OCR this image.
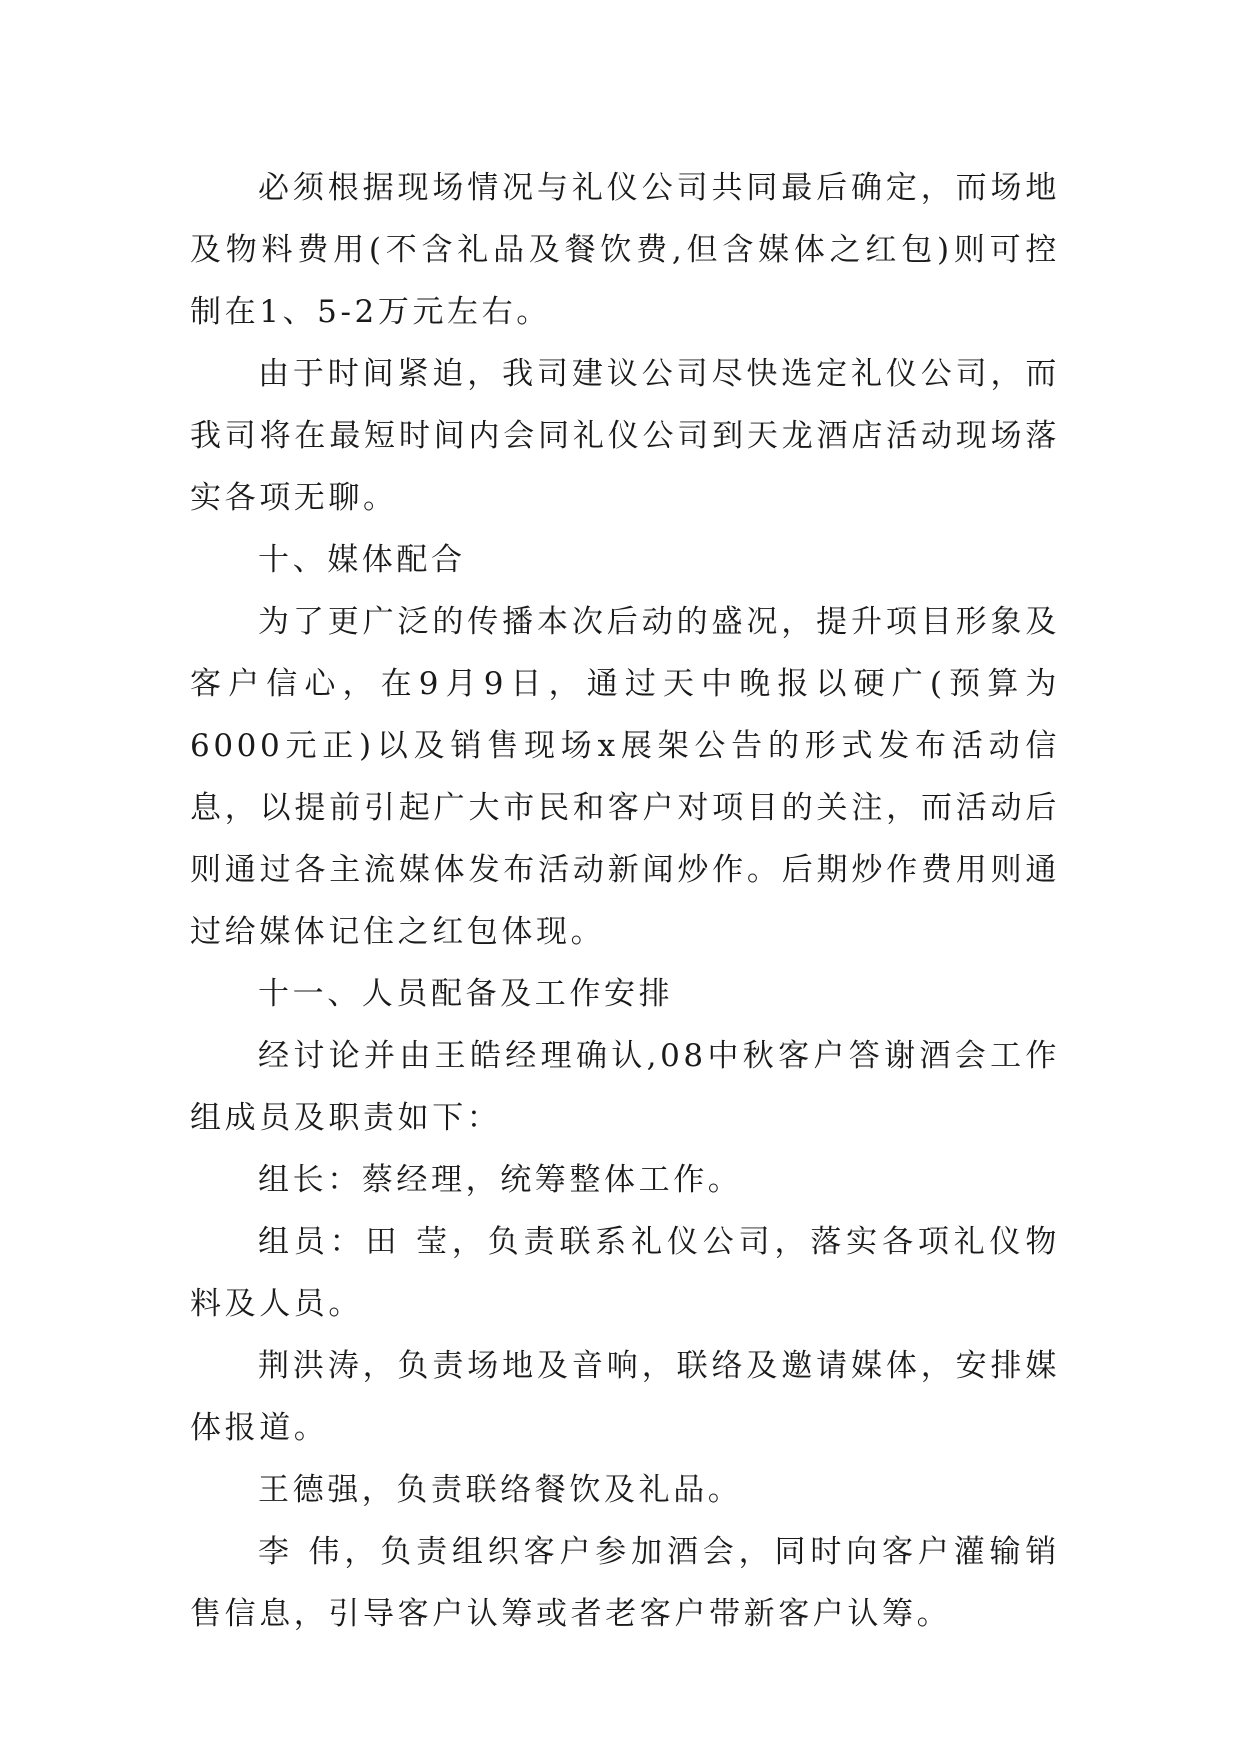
必须根据现场情况与礼仪公司共同最后确定，而场地及物料费用(不含礼品及餐饮费,但含媒体之红包)则可控制在1、5-2万元左右。

由于时间紧迫，我司建议公司尽快选定礼仪公司，而我司将在最短时间内会同礼仪公司到天龙酒店活动现场落实各项无聊。

十、媒体配合

为了更广泛的传播本次后动的盛况，提升项目形象及客户信心，在9月9日，通过天中晚报以硬广(预算为6000元正)以及销售现场x展架公告的形式发布活动信息，以提前引起广大市民和客户对项目的关注，而活动后则通过各主流媒体发布活动新闻炒作。后期炒作费用则通过给媒体记住之红包体现。

十一、人员配备及工作安排

经讨论并由王皓经理确认,08中秋客户答谢酒会工作组成员及职责如下：

组长：蔡经理，统筹整体工作。

组员：田 莹，负责联系礼仪公司，落实各项礼仪物料及人员。

荆洪涛，负责场地及音响，联络及邀请媒体，安排媒体报道。

王德强，负责联络餐饮及礼品。

李 伟，负责组织客户参加酒会，同时向客户灌输销售信息，引导客户认筹或者老客户带新客户认筹。
